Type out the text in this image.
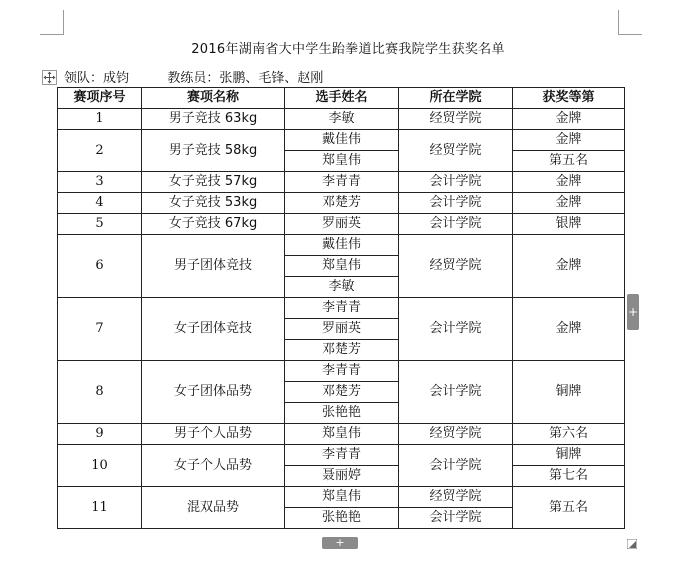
2016年湖南省大中学生跆拳道比赛我院学生获奖名单
领队：成钧	教练员：张鹏、毛锋、赵刚
赛项序号	赛项名称	选手姓名	所在学院	获奖等第
1	男子竞技 63kg	李敏	经贸学院	金牌
2	男子竞技 58kg	戴佳伟	经贸学院	金牌
		郑皇伟		第五名
3	女子竞技 57kg	李青青	会计学院	金牌
4	女子竞技 53kg	邓楚芳	会计学院	金牌
5	女子竞技 67kg	罗丽英	会计学院	银牌
6	男子团体竞技	戴佳伟	经贸学院	金牌
		郑皇伟		
		李敏		
7	女子团体竞技	李青青	会计学院	金牌
		罗丽英		
		邓楚芳		
8	女子团体品势	李青青	会计学院	铜牌
		邓楚芳		
		张艳艳		
9	男子个人品势	郑皇伟	经贸学院	第六名
10	女子个人品势	李青青	会计学院	铜牌
		聂丽婷		第七名
11	混双品势	郑皇伟	经贸学院	第五名
		张艳艳	会计学院	
+
+
